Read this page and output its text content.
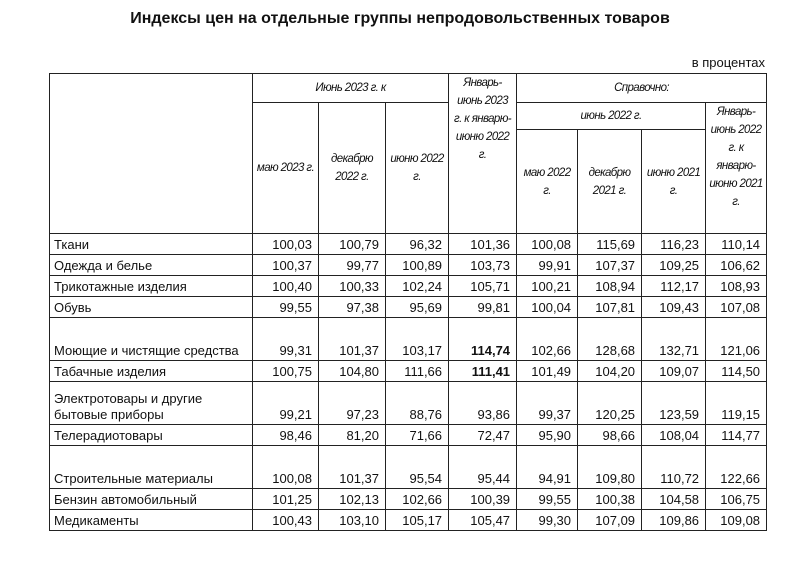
Индексы цен на отдельные группы непродовольственных товаров
в процентах
	Июнь 2023 г. к			Январь-июнь 2023 г. к январю-июню 2022 г.	Справочно:			
	маю 2023 г.	декабрю 2022 г.	июню 2022 г.		июнь 2022 г.			Январь-июнь 2022 г. к январю-июню 2021 г.
					маю 2022 г.	декабрю 2021 г.	июню 2021 г.	
Ткани	100,03	100,79	96,32	101,36	100,08	115,69	116,23	110,14
Одежда и белье	100,37	99,77	100,89	103,73	99,91	107,37	109,25	106,62
Трикотажные изделия	100,40	100,33	102,24	105,71	100,21	108,94	112,17	108,93
Обувь	99,55	97,38	95,69	99,81	100,04	107,81	109,43	107,08
Моющие и чистящие средства	99,31	101,37	103,17	114,74	102,66	128,68	132,71	121,06
Табачные изделия	100,75	104,80	111,66	111,41	101,49	104,20	109,07	114,50
Электротовары и другие бытовые приборы	99,21	97,23	88,76	93,86	99,37	120,25	123,59	119,15
Телерадиотовары	98,46	81,20	71,66	72,47	95,90	98,66	108,04	114,77
Строительные материалы	100,08	101,37	95,54	95,44	94,91	109,80	110,72	122,66
Бензин автомобильный	101,25	102,13	102,66	100,39	99,55	100,38	104,58	106,75
Медикаменты	100,43	103,10	105,17	105,47	99,30	107,09	109,86	109,08
